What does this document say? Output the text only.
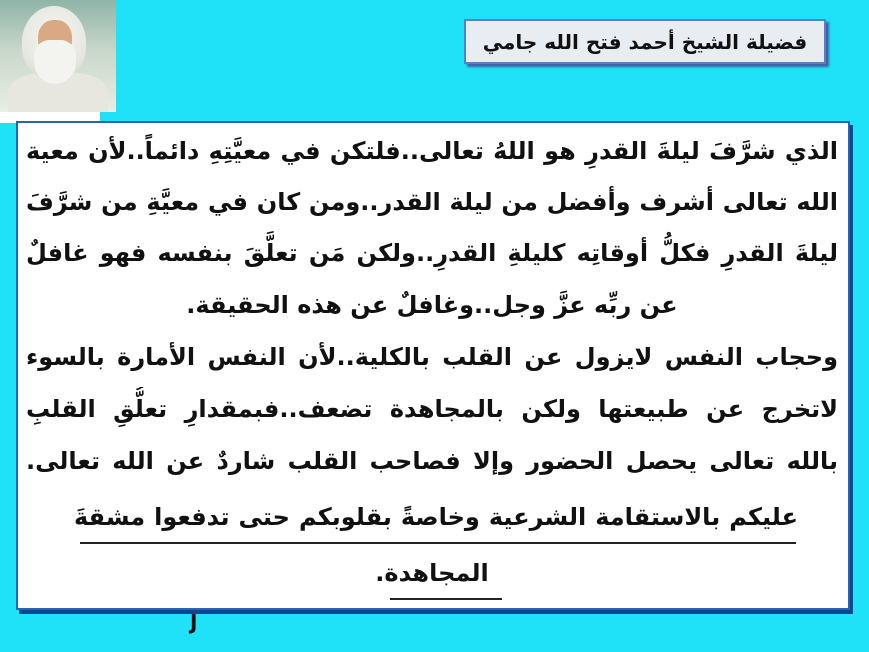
فضيلة الشيخ أحمد فتح الله جامي
الذي شرَّفَ ليلةَ القدرِ هو اللهُ تعالى..فلتكن في معيَّتِهِ دائماً..لأن معية
الله تعالى أشرف وأفضل من ليلة القدر..ومن كان في معيَّةِ من شرَّفَ
ليلةَ القدرِ فكلُّ أوقاتِه كليلةِ القدرِ..ولكن مَن تعلَّقَ بنفسه فهو غافلٌ
عن ربِّه عزَّ وجل..وغافلٌ عن هذه الحقيقة.
وحجاب النفس لايزول عن القلب بالكلية..لأن النفس الأمارة بالسوء
لاتخرج عن طبيعتها ولكن بالمجاهدة تضعف..فبمقدارِ تعلُّقِ القلبِ
بالله تعالى يحصل الحضور وإلا فصاحب القلب شاردٌ عن الله تعالى.
عليكم بالاستقامة الشرعية وخاصةً بقلوبكم حتى تدفعوا مشقةَ
المجاهدة.
J
